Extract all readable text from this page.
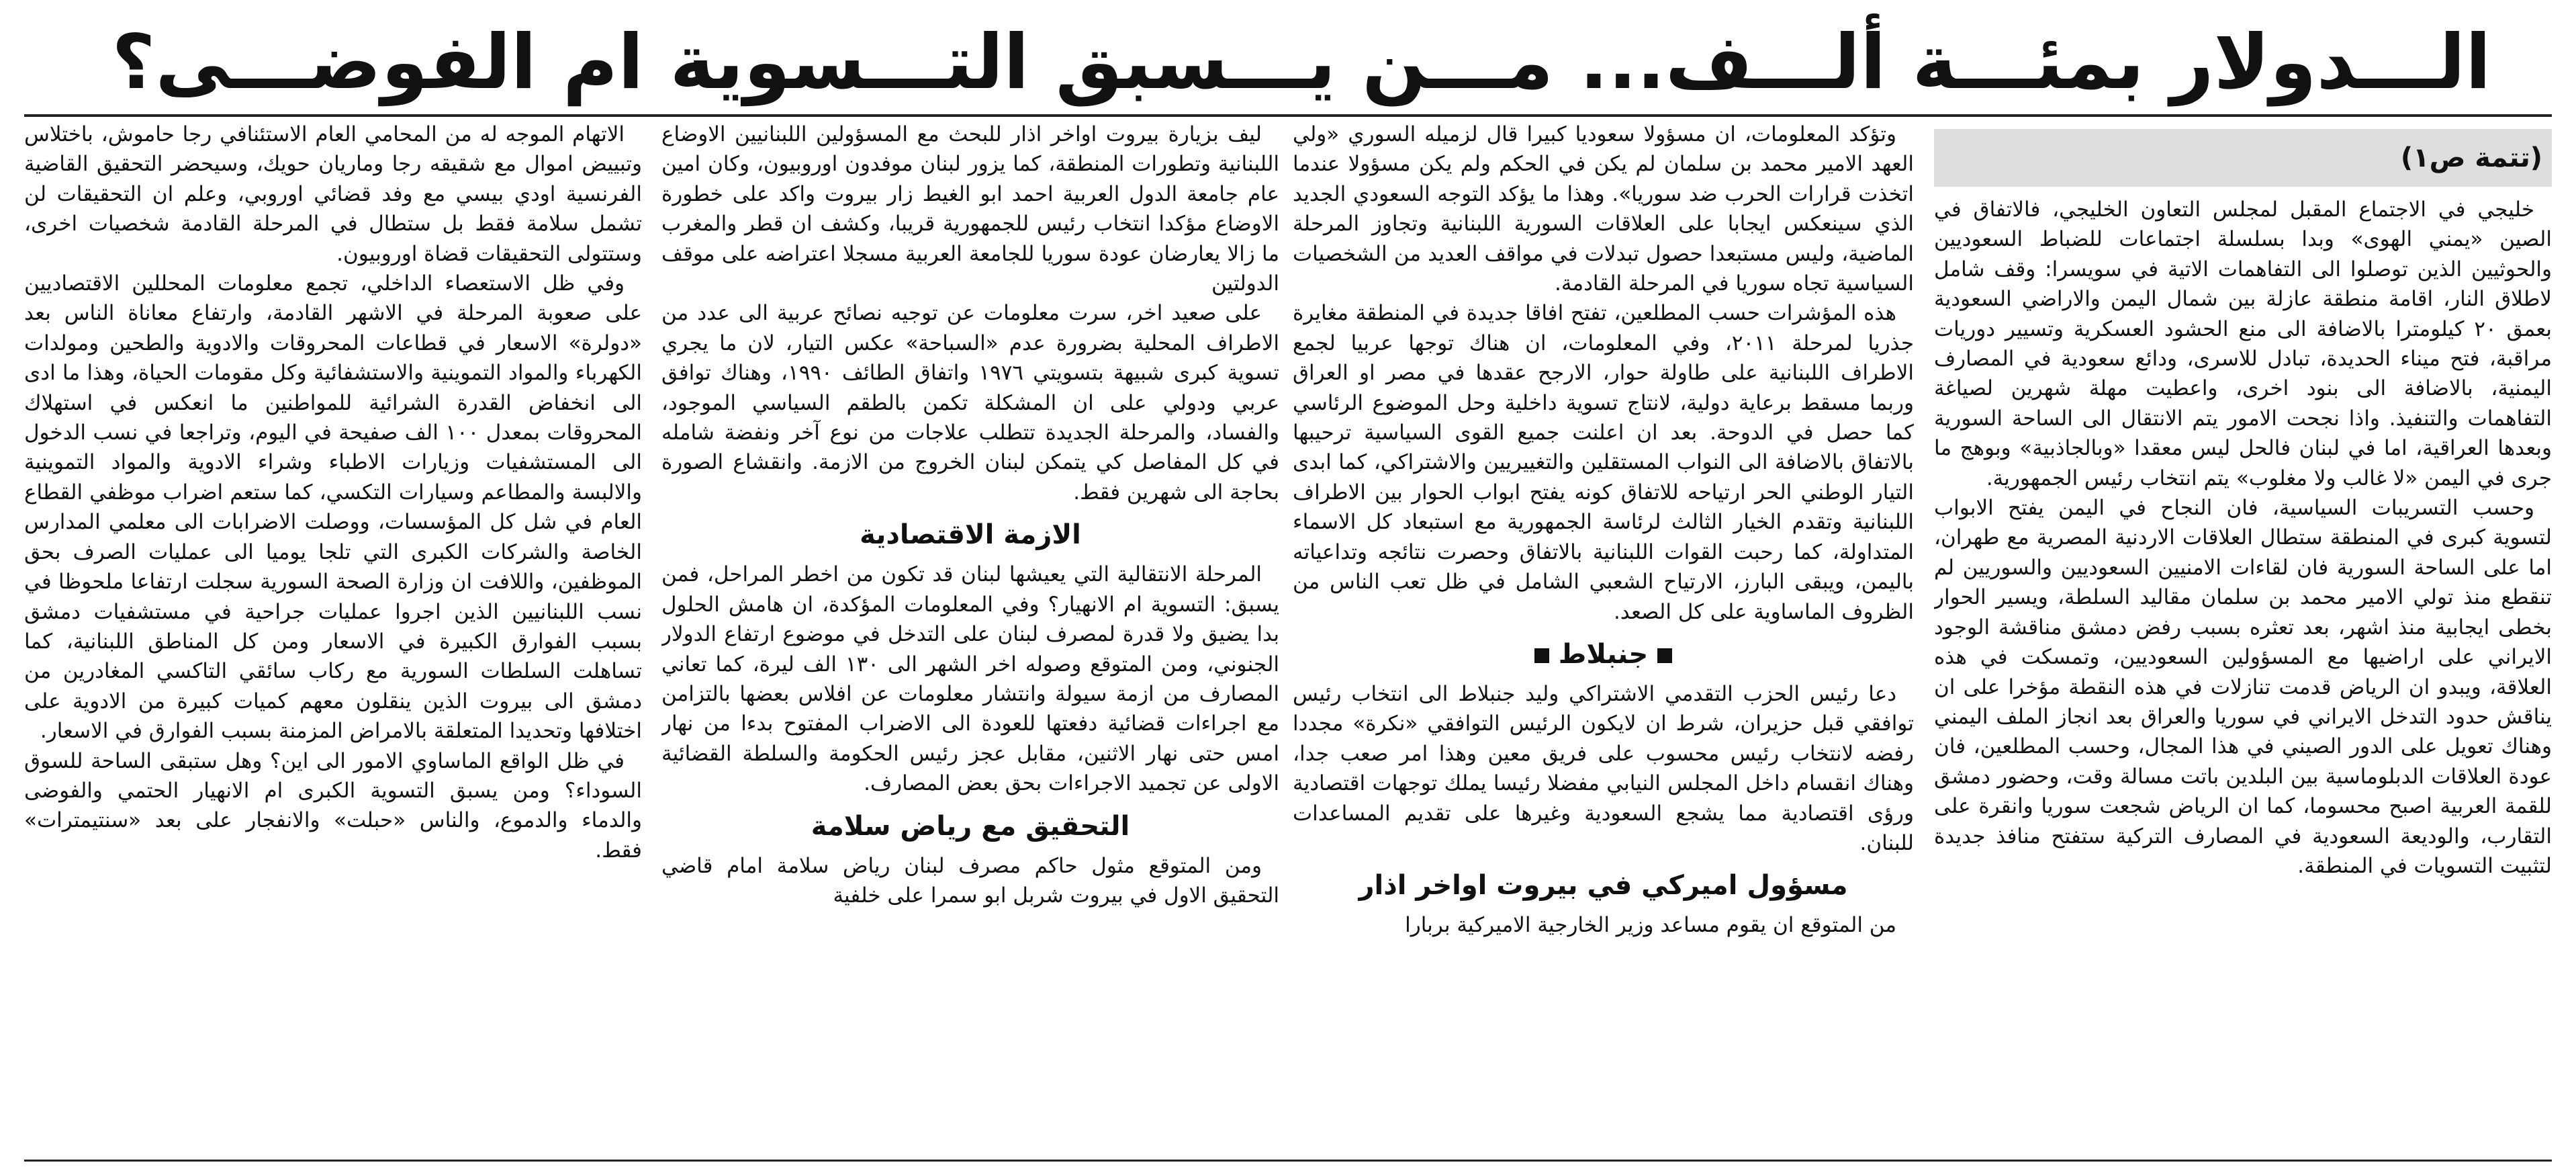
الـــدولار بمئـــة ألـــف... مـــن يـــسبق التـــسوية ام الفوضـــى؟
(تتمة ص١)

خليجي في الاجتماع المقبل لمجلس التعاون الخليجي، فالاتفاق في الصين «يمني الهوى» وبدا بسلسلة اجتماعات للضباط السعوديين والحوثيين الذين توصلوا الى التفاهمات الاتية في سويسرا: وقف شامل لاطلاق النار، اقامة منطقة عازلة بين شمال اليمن والاراضي السعودية بعمق ٢٠ كيلومترا بالاضافة الى منع الحشود العسكرية وتسيير دوريات مراقبة، فتح ميناء الحديدة، تبادل للاسرى، ودائع سعودية في المصارف اليمنية، بالاضافة الى بنود اخرى، واعطيت مهلة شهرين لصياغة التفاهمات والتنفيذ. واذا نجحت الامور يتم الانتقال الى الساحة السورية وبعدها العراقية، اما في لبنان فالحل ليس معقدا «وبالجاذبية» وبوهج ما جرى في اليمن «لا غالب ولا مغلوب» يتم انتخاب رئيس الجمهورية.

وحسب التسريبات السياسية، فان النجاح في اليمن يفتح الابواب لتسوية كبرى في المنطقة ستطال العلاقات الاردنية المصرية مع طهران، اما على الساحة السورية فان لقاءات الامنيين السعوديين والسوريين لم تنقطع منذ تولي الامير محمد بن سلمان مقاليد السلطة، ويسير الحوار بخطى ايجابية منذ اشهر، بعد تعثره بسبب رفض دمشق مناقشة الوجود الايراني على اراضيها مع المسؤولين السعوديين، وتمسكت في هذه العلاقة، ويبدو ان الرياض قدمت تنازلات في هذه النقطة مؤخرا على ان يناقش حدود التدخل الايراني في سوريا والعراق بعد انجاز الملف اليمني وهناك تعويل على الدور الصيني في هذا المجال، وحسب المطلعين، فان عودة العلاقات الدبلوماسية بين البلدين باتت مسالة وقت، وحضور دمشق للقمة العربية اصبح محسوما، كما ان الرياض شجعت سوريا وانقرة على التقارب، والوديعة السعودية في المصارف التركية ستفتح منافذ جديدة لتثبيت التسويات في المنطقة.

وتؤكد المعلومات، ان مسؤولا سعوديا كبيرا قال لزميله السوري «ولي العهد الامير محمد بن سلمان لم يكن في الحكم ولم يكن مسؤولا عندما اتخذت قرارات الحرب ضد سوريا». وهذا ما يؤكد التوجه السعودي الجديد الذي سينعكس ايجابا على العلاقات السورية اللبنانية وتجاوز المرحلة الماضية، وليس مستبعدا حصول تبدلات في مواقف العديد من الشخصيات السياسية تجاه سوريا في المرحلة القادمة.

هذه المؤشرات حسب المطلعين، تفتح افاقا جديدة في المنطقة مغايرة جذريا لمرحلة ٢٠١١، وفي المعلومات، ان هناك توجها عربيا لجمع الاطراف اللبنانية على طاولة حوار، الارجح عقدها في مصر او العراق وربما مسقط برعاية دولية، لانتاج تسوية داخلية وحل الموضوع الرئاسي كما حصل في الدوحة. بعد ان اعلنت جميع القوى السياسية ترحيبها بالاتفاق بالاضافة الى النواب المستقلين والتغييريين والاشتراكي، كما ابدى التيار الوطني الحر ارتياحه للاتفاق كونه يفتح ابواب الحوار بين الاطراف اللبنانية وتقدم الخيار الثالث لرئاسة الجمهورية مع استبعاد كل الاسماء المتداولة، كما رحبت القوات اللبنانية بالاتفاق وحصرت نتائجه وتداعياته باليمن، ويبقى البارز، الارتياح الشعبي الشامل في ظل تعب الناس من الظروف الماساوية على كل الصعد.

جنبلاط

دعا رئيس الحزب التقدمي الاشتراكي وليد جنبلاط الى انتخاب رئيس توافقي قبل حزيران، شرط ان لايكون الرئيس التوافقي «نكرة» مجددا رفضه لانتخاب رئيس محسوب على فريق معين وهذا امر صعب جدا، وهناك انقسام داخل المجلس النيابي مفضلا رئيسا يملك توجهات اقتصادية ورؤى اقتصادية مما يشجع السعودية وغيرها على تقديم المساعدات للبنان.

مسؤول اميركي في بيروت اواخر اذار

من المتوقع ان يقوم مساعد وزير الخارجية الاميركية بربارا

ليف بزيارة بيروت اواخر اذار للبحث مع المسؤولين اللبنانيين الاوضاع اللبنانية وتطورات المنطقة، كما يزور لبنان موفدون اوروبيون، وكان امين عام جامعة الدول العربية احمد ابو الغيط زار بيروت واكد على خطورة الاوضاع مؤكدا انتخاب رئيس للجمهورية قريبا، وكشف ان قطر والمغرب ما زالا يعارضان عودة سوريا للجامعة العربية مسجلا اعتراضه على موقف الدولتين

على صعيد اخر، سرت معلومات عن توجيه نصائح عربية الى عدد من الاطراف المحلية بضرورة عدم «السباحة» عكس التيار، لان ما يجري تسوية كبرى شبيهة بتسويتي ١٩٧٦ واتفاق الطائف ١٩٩٠، وهناك توافق عربي ودولي على ان المشكلة تكمن بالطقم السياسي الموجود، والفساد، والمرحلة الجديدة تتطلب علاجات من نوع آخر ونفضة شامله في كل المفاصل كي يتمكن لبنان الخروج من الازمة. وانقشاع الصورة بحاجة الى شهرين فقط.

الازمة الاقتصادية

المرحلة الانتقالية التي يعيشها لبنان قد تكون من اخطر المراحل، فمن يسبق: التسوية ام الانهيار؟ وفي المعلومات المؤكدة، ان هامش الحلول بدا يضيق ولا قدرة لمصرف لبنان على التدخل في موضوع ارتفاع الدولار الجنوني، ومن المتوقع وصوله اخر الشهر الى ١٣٠ الف ليرة، كما تعاني المصارف من ازمة سيولة وانتشار معلومات عن افلاس بعضها بالتزامن مع اجراءات قضائية دفعتها للعودة الى الاضراب المفتوح بدءا من نهار امس حتى نهار الاثنين، مقابل عجز رئيس الحكومة والسلطة القضائية الاولى عن تجميد الاجراءات بحق بعض المصارف.

التحقيق مع رياض سلامة

ومن المتوقع مثول حاكم مصرف لبنان رياض سلامة امام قاضي التحقيق الاول في بيروت شربل ابو سمرا على خلفية

الاتهام الموجه له من المحامي العام الاستئنافي رجا حاموش، باختلاس وتبييض اموال مع شقيقه رجا وماريان حويك، وسيحضر التحقيق القاضية الفرنسية اودي بيسي مع وفد قضائي اوروبي، وعلم ان التحقيقات لن تشمل سلامة فقط بل ستطال في المرحلة القادمة شخصيات اخرى، وستتولى التحقيقات قضاة اوروبيون.

وفي ظل الاستعصاء الداخلي، تجمع معلومات المحللين الاقتصاديين على صعوبة المرحلة في الاشهر القادمة، وارتفاع معاناة الناس بعد «دولرة» الاسعار في قطاعات المحروقات والادوية والطحين ومولدات الكهرباء والمواد التموينية والاستشفائية وكل مقومات الحياة، وهذا ما ادى الى انخفاض القدرة الشرائية للمواطنين ما انعكس في استهلاك المحروقات بمعدل ١٠٠ الف صفيحة في اليوم، وتراجعا في نسب الدخول الى المستشفيات وزيارات الاطباء وشراء الادوية والمواد التموينية والالبسة والمطاعم وسيارات التكسي، كما ستعم اضراب موظفي القطاع العام في شل كل المؤسسات، ووصلت الاضرابات الى معلمي المدارس الخاصة والشركات الكبرى التي تلجا يوميا الى عمليات الصرف بحق الموظفين، واللافت ان وزارة الصحة السورية سجلت ارتفاعا ملحوظا في نسب اللبنانيين الذين اجروا عمليات جراحية في مستشفيات دمشق بسبب الفوارق الكبيرة في الاسعار ومن كل المناطق اللبنانية، كما تساهلت السلطات السورية مع ركاب سائقي التاكسي المغادرين من دمشق الى بيروت الذين ينقلون معهم كميات كبيرة من الادوية على اختلافها وتحديدا المتعلقة بالامراض المزمنة بسبب الفوارق في الاسعار.

في ظل الواقع الماساوي الامور الى اين؟ وهل ستبقى الساحة للسوق السوداء؟ ومن يسبق التسوية الكبرى ام الانهيار الحتمي والفوضى والدماء والدموع، والناس «حبلت» والانفجار على بعد «سنتيمترات» فقط.
